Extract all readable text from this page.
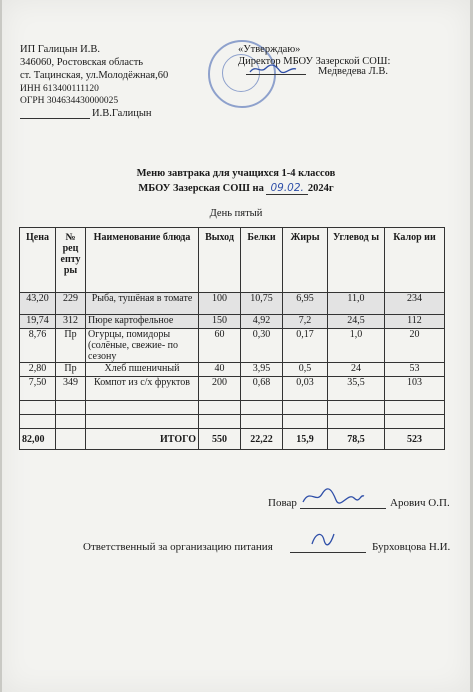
ИП Галицын И.В.
346060, Ростовская область
ст. Тацинская, ул.Молодёжная,60
ИНН 613400111120
ОГРН 304634430000025
И.В.Галицын
«Утверждаю»
Директор МБОУ Зазерской СОШ:
Медведева Л.В.
Меню завтрака для учащихся 1-4 классов
МБОУ Зазерская СОШ на 09.02. 2024г
День пятый
Цена	№ рец епту ры	Наименование блюда	Выход	Белки	Жиры	Углевод ы	Калор ии
43,20	229	Рыба, тушёная в томате	100	10,75	6,95	11,0	234
19,74	312	Пюре картофельное	150	4,92	7,2	24,5	112
8,76	Пр	Огурцы, помидоры (солёные, свежие- по сезону	60	0,30	0,17	1,0	20
2,80	Пр	Хлеб пшеничный	40	3,95	0,5	24	53
7,50	349	Компот из с/х фруктов	200	0,68	0,03	35,5	103

82,00		ИТОГО	550	22,22	15,9	78,5	523
Повар	Арович О.П.
Ответственный за организацию питания	Бурховцова Н.И.
